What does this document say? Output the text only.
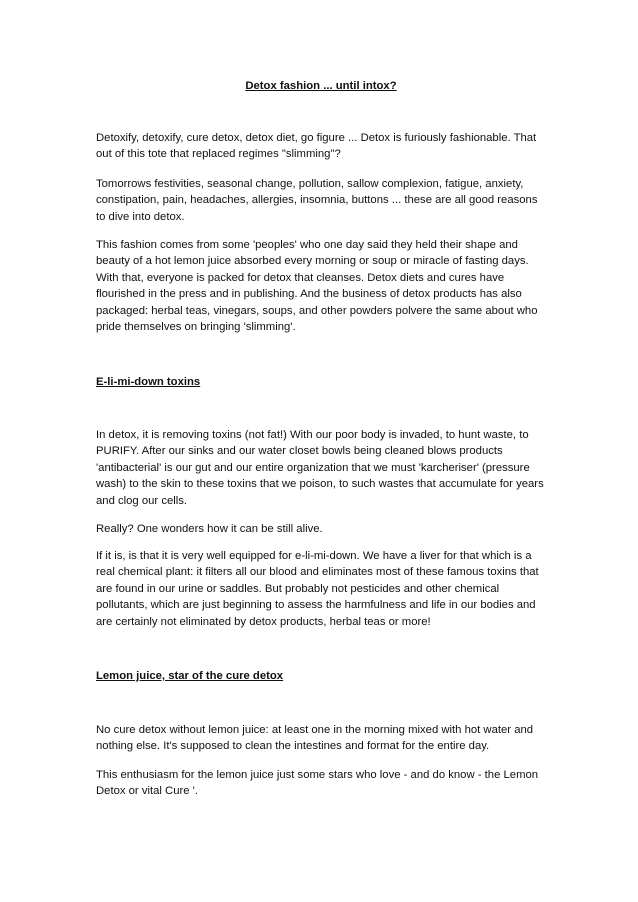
Detox fashion ... until intox?

Detoxify, detoxify, cure detox, detox diet, go figure ... Detox is furiously fashionable. That out of this tote that replaced regimes "slimming"?

Tomorrows festivities, seasonal change, pollution, sallow complexion, fatigue, anxiety, constipation, pain, headaches, allergies, insomnia, buttons ... these are all good reasons to dive into detox.

This fashion comes from some 'peoples' who one day said they held their shape and beauty of a hot lemon juice absorbed every morning or soup or miracle of fasting days. With that, everyone is packed for detox that cleanses. Detox diets and cures have flourished in the press and in publishing. And the business of detox products has also packaged: herbal teas, vinegars, soups, and other powders polvere the same about who pride themselves on bringing 'slimming'.

E-li-mi-down toxins

In detox, it is removing toxins (not fat!) With our poor body is invaded, to hunt waste, to PURIFY. After our sinks and our water closet bowls being cleaned blows products 'antibacterial' is our gut and our entire organization that we must 'karcheriser' (pressure wash) to the skin to these toxins that we poison, to such wastes that accumulate for years and clog our cells.

Really? One wonders how it can be still alive.

If it is, is that it is very well equipped for e-li-mi-down. We have a liver for that which is a real chemical plant: it filters all our blood and eliminates most of these famous toxins that are found in our urine or saddles. But probably not pesticides and other chemical pollutants, which are just beginning to assess the harmfulness and life in our bodies and are certainly not eliminated by detox products, herbal teas or more!

Lemon juice, star of the cure detox

No cure detox without lemon juice: at least one in the morning mixed with hot water and nothing else. It's supposed to clean the intestines and format for the entire day.

This enthusiasm for the lemon juice just some stars who love - and do know - the Lemon Detox or vital Cure '.
